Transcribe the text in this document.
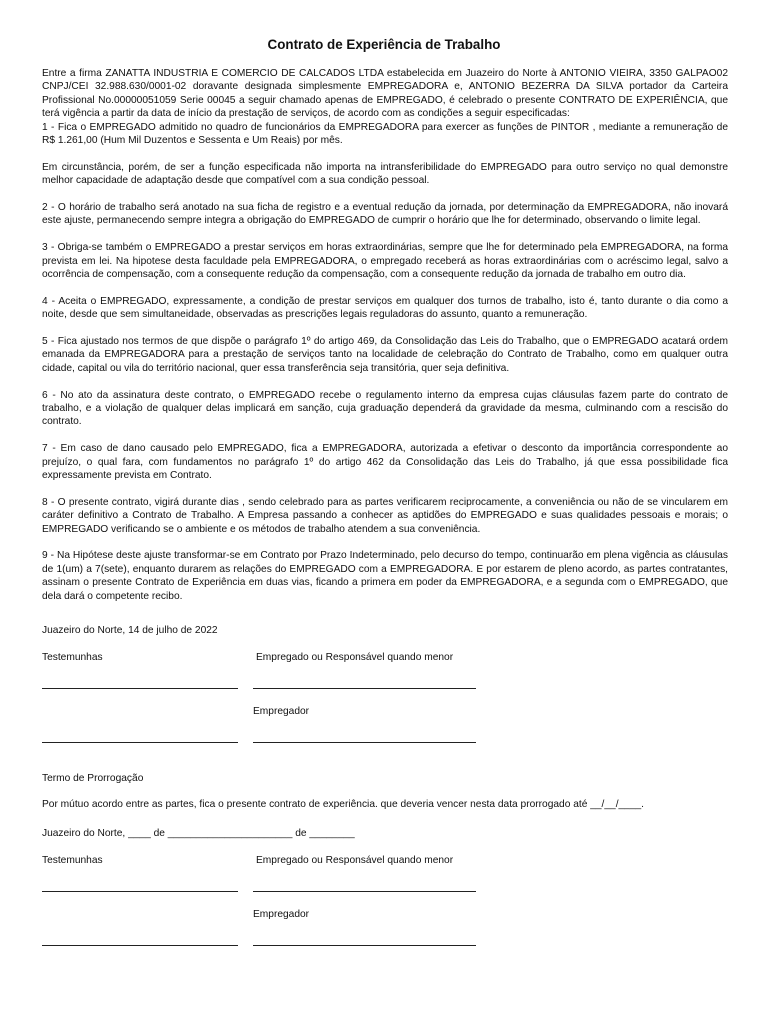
Contrato de Experiência de Trabalho

Entre a firma ZANATTA INDUSTRIA E COMERCIO DE CALCADOS LTDA estabelecida em Juazeiro do Norte à ANTONIO VIEIRA, 3350 GALPAO02 CNPJ/CEI 32.988.630/0001-02 doravante designada simplesmente EMPREGADORA e, ANTONIO BEZERRA DA SILVA portador da Carteira Profissional No.00000051059 Serie 00045 a seguir chamado apenas de EMPREGADO, é celebrado o presente CONTRATO DE EXPERIÊNCIA, que terá vigência a partir da data de início da prestação de serviços, de acordo com as condições a seguir especificadas:

1 - Fica o EMPREGADO admitido no quadro de funcionários da EMPREGADORA para exercer as funções de PINTOR , mediante a remuneração de R$ 1.261,00 (Hum Mil Duzentos e Sessenta e Um Reais) por mês.

Em circunstância, porém, de ser a função especificada não importa na intransferibilidade do EMPREGADO para outro serviço no qual demonstre melhor capacidade de adaptação desde que compatível com a sua condição pessoal.

2 - O horário de trabalho será anotado na sua ficha de registro e a eventual redução da jornada, por determinação da EMPREGADORA, não inovará este ajuste, permanecendo sempre integra a obrigação do EMPREGADO de cumprir o horário que lhe for determinado, observando o limite legal.

3 - Obriga-se também o EMPREGADO a prestar serviços em horas extraordinárias, sempre que lhe for determinado pela EMPREGADORA, na forma prevista em lei. Na hipotese desta faculdade pela EMPREGADORA, o empregado receberá as horas extraordinárias com o acréscimo legal, salvo a ocorrência de compensação, com a consequente redução da compensação, com a consequente redução da jornada de trabalho em outro dia.

4 - Aceita o EMPREGADO, expressamente, a condição de prestar serviços em qualquer dos turnos de trabalho, isto é, tanto durante o dia como a noite, desde que sem simultaneidade, observadas as prescrições legais reguladoras do assunto, quanto a remuneração.

5 - Fica ajustado nos termos de que dispõe o parágrafo 1º do artigo 469, da Consolidação das Leis do Trabalho, que o EMPREGADO acatará ordem emanada da EMPREGADORA para a prestação de serviços tanto na localidade de celebração do Contrato de Trabalho, como em qualquer outra cidade, capital ou vila do território nacional, quer essa transferência seja transitória, quer seja definitiva.

6 - No ato da assinatura deste contrato, o EMPREGADO recebe o regulamento interno da empresa cujas cláusulas fazem parte do contrato de trabalho, e a violação de qualquer delas implicará em sanção, cuja graduação dependerá da gravidade da mesma, culminando com a rescisão do contrato.

7 - Em caso de dano causado pelo EMPREGADO, fica a EMPREGADORA, autorizada a efetivar o desconto da importância correspondente ao prejuízo, o qual fara, com fundamentos no parágrafo 1º do artigo 462 da Consolidação das Leis do Trabalho, já que essa possibilidade fica expressamente prevista em Contrato.

8 - O presente contrato, vigirá durante dias , sendo celebrado para as partes verificarem reciprocamente, a conveniência ou não de se vincularem em caráter definitivo a Contrato de Trabalho. A Empresa passando a conhecer as aptidões do EMPREGADO e suas qualidades pessoais e morais; o EMPREGADO verificando se o ambiente e os métodos de trabalho atendem a sua conveniência.

9 - Na Hipótese deste ajuste transformar-se em Contrato por Prazo Indeterminado, pelo decurso do tempo, continuarão em plena vigência as cláusulas de 1(um) a 7(sete), enquanto durarem as relações do EMPREGADO com a EMPREGADORA. E por estarem de pleno acordo, as partes contratantes, assinam o presente Contrato de Experiência em duas vias, ficando a primera em poder da EMPREGADORA, e a segunda com o EMPREGADO, que dela dará o competente recibo.

Juazeiro do Norte, 14 de julho de 2022
Testemunhas	Empregado ou Responsável quando menor
Empregador
Termo de Prorrogação
Por mútuo acordo entre as partes, fica o presente contrato de experiência. que deveria vencer nesta data prorrogado até __/__/____.
Juazeiro do Norte, ____ de ______________________ de ________
Testemunhas	Empregado ou Responsável quando menor
Empregador
